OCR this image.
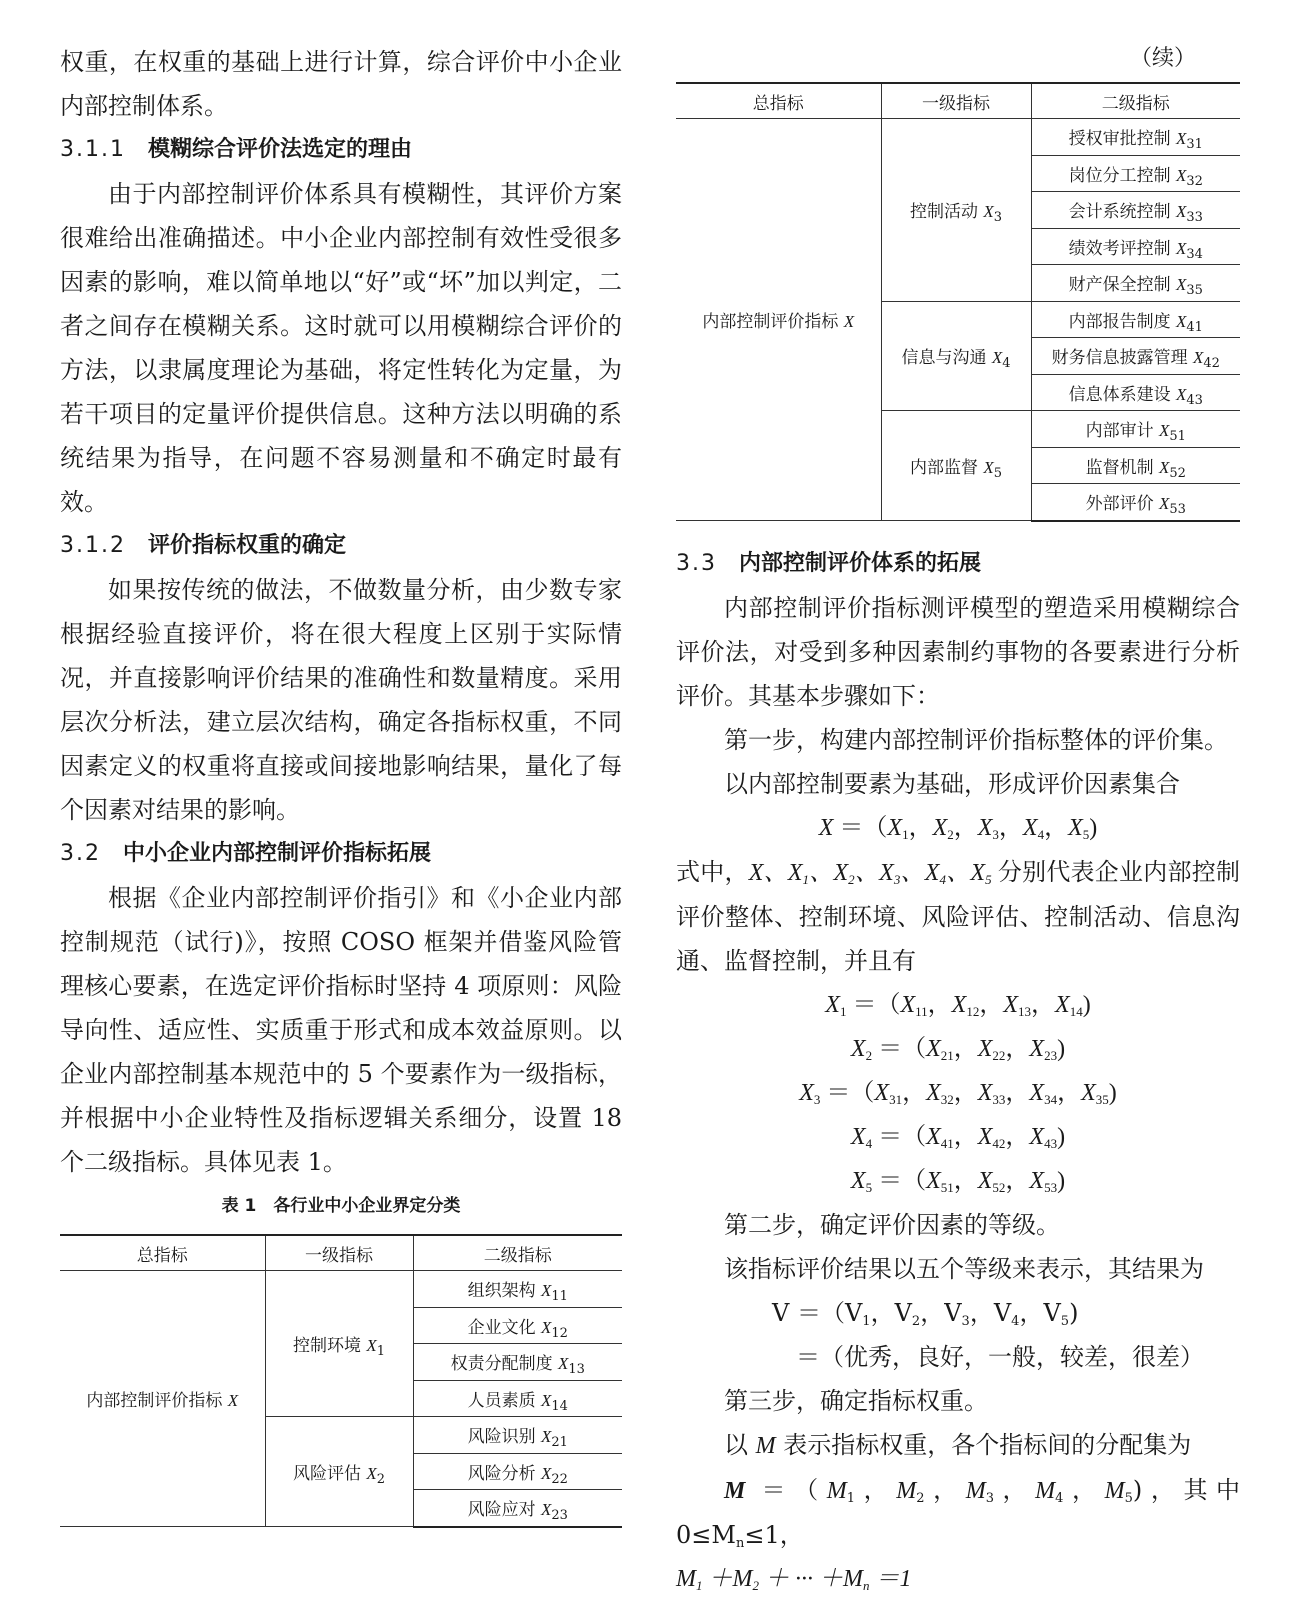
权重，在权重的基础上进行计算，综合评价中小企业内部控制体系。

3.1.1 模糊综合评价法选定的理由

由于内部控制评价体系具有模糊性，其评价方案很难给出准确描述。中小企业内部控制有效性受很多因素的影响，难以简单地以“好”或“坏”加以判定，二者之间存在模糊关系。这时就可以用模糊综合评价的方法，以隶属度理论为基础，将定性转化为定量，为若干项目的定量评价提供信息。这种方法以明确的系统结果为指导，在问题不容易测量和不确定时最有效。

3.1.2 评价指标权重的确定

如果按传统的做法，不做数量分析，由少数专家根据经验直接评价，将在很大程度上区别于实际情况，并直接影响评价结果的准确性和数量精度。采用层次分析法，建立层次结构，确定各指标权重，不同因素定义的权重将直接或间接地影响结果，量化了每个因素对结果的影响。

3.2 中小企业内部控制评价指标拓展

根据《企业内部控制评价指引》和《小企业内部控制规范（试行)》，按照 COSO 框架并借鉴风险管理核心要素，在选定评价指标时坚持 4 项原则：风险导向性、适应性、实质重于形式和成本效益原则。以企业内部控制基本规范中的 5 个要素作为一级指标，并根据中小企业特性及指标逻辑关系细分，设置 18 个二级指标。具体见表 1。

表 1　各行业中小企业界定分类

总指标	一级指标	二级指标
内部控制评价指标 X	控制环境 $X_1$	组织架构 $X_{11}$
		企业文化 $X_{12}$
		权责分配制度 $X_{13}$
		人员素质 $X_{14}$
	风险评估 $X_2$	风险识别 $X_{21}$
		风险分析 $X_{22}$
		风险应对 $X_{23}$

（续）

总指标	一级指标	二级指标
内部控制评价指标 X	控制活动 $X_3$	授权审批控制 $X_{31}$
		岗位分工控制 $X_{32}$
		会计系统控制 $X_{33}$
		绩效考评控制 $X_{34}$
		财产保全控制 $X_{35}$
	信息与沟通 $X_4$	内部报告制度 $X_{41}$
		财务信息披露管理 $X_{42}$
		信息体系建设 $X_{43}$
	内部监督 $X_5$	内部审计 $X_{51}$
		监督机制 $X_{52}$
		外部评价 $X_{53}$

3.3 内部控制评价体系的拓展

内部控制评价指标测评模型的塑造采用模糊综合评价法，对受到多种因素制约事物的各要素进行分析评价。其基本步骤如下：

第一步，构建内部控制评价指标整体的评价集。

以内部控制要素为基础，形成评价因素集合

$X =(X_1$，$X_2$，$X_3$，$X_4$，$X_5$)

式中，X、$X_1$、$X_2$、$X_3$、$X_4$、$X_5$ 分别代表企业内部控制评价整体、控制环境、风险评估、控制活动、信息沟通、监督控制，并且有

$X_1 =(X_{11}$，$X_{12}$，$X_{13}$，$X_{14}$)

$X_2 =(X_{21}$，$X_{22}$，$X_{23}$)

$X_3 =(X_{31}$，$X_{32}$，$X_{33}$，$X_{34}$，$X_{35}$)

$X_4 =(X_{41}$，$X_{42}$，$X_{43}$)

$X_5 =(X_{51}$，$X_{52}$，$X_{53}$)

第二步，确定评价因素的等级。

该指标评价结果以五个等级来表示，其结果为

$V =(V_1$，$V_2$，$V_3$，$V_4$，$V_5$)

＝（优秀，良好，一般，较差，很差）

第三步，确定指标权重。

以 M 表示指标权重，各个指标间的分配集为

$M =(M_1$，$M_2$，$M_3$，$M_4$，$M_5$)，其中 $0\le M_n\le 1$，

$M_1 +M_2$ ＋ ··· $+M_n =1$
